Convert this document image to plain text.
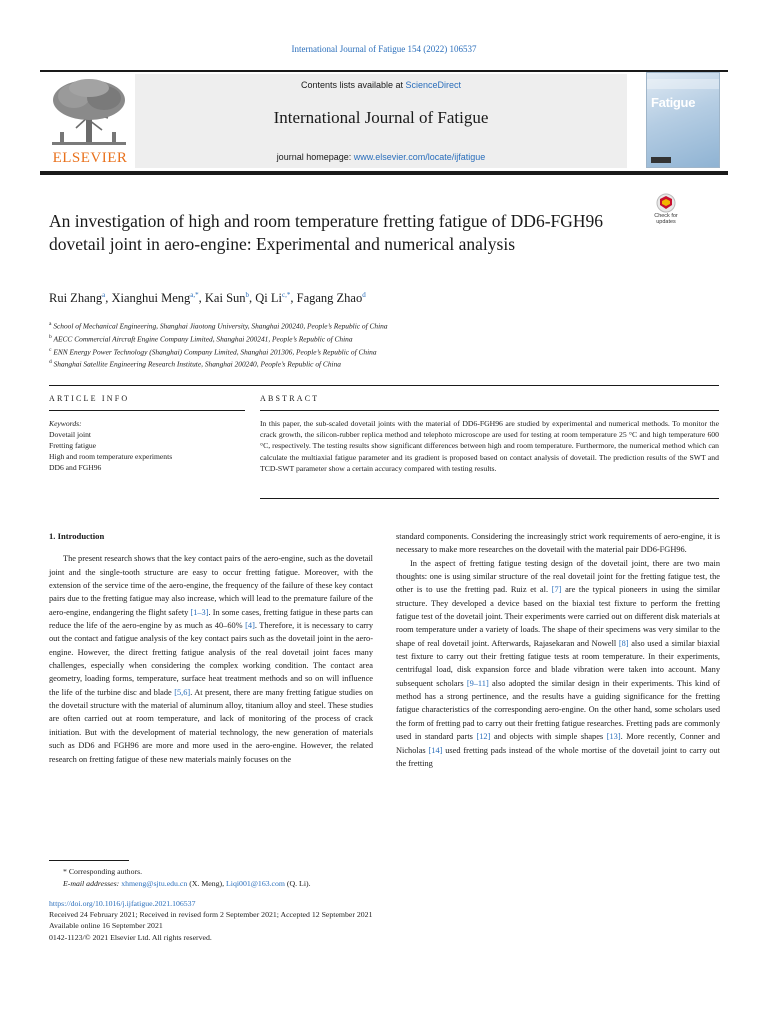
International Journal of Fatigue 154 (2022) 106537
ELSEVIER
Contents lists available at ScienceDirect
International Journal of Fatigue
journal homepage: www.elsevier.com/locate/ijfatigue
Fatigue
An investigation of high and room temperature fretting fatigue of DD6-FGH96 dovetail joint in aero-engine: Experimental and numerical analysis
Check for updates
Rui Zhang$^a$, Xianghui Meng$^{a,*}$, Kai Sun$^b$, Qi $Li^{c,*}$, Fagang Zhao$^d$
$^a$ School of Mechanical Engineering, Shanghai Jiaotong University, Shanghai 200240, People’s Republic of China
$^b$ AECC Commercial Aircraft Engine Company Limited, Shanghai 200241, People’s Republic of China
$^c$ ENN Energy Power Technology (Shanghai) Company Limited, Shanghai 201306, People’s Republic of China
$^d$ Shanghai Satellite Engineering Research Institute, Shanghai 200240, People’s Republic of China
ARTICLE INFO	ABSTRACT
Keywords:
Dovetail joint
Fretting fatigue
High and room temperature experiments
DD6 and FGH96
In this paper, the sub-scaled dovetail joints with the material of DD6-FGH96 are studied by experimental and numerical methods. To monitor the crack growth, the silicon-rubber replica method and telephoto microscope are used for testing at room temperature 25 °C and high temperature 600 °C, respectively. The testing results show significant differences between high and room temperature. Furthermore, the numerical method which can calculate the multiaxial fatigue parameter and its gradient is proposed based on contact analysis of dovetail. The prediction results of the SWT and TCD-SWT parameter show a certain accuracy compared with testing results.
1. Introduction

The present research shows that the key contact pairs of the aero-engine, such as the dovetail joint and the single-tooth structure are easy to occur fretting fatigue. Moreover, with the extension of the service time of the aero-engine, the frequency of the failure of these key contact pairs due to the fretting fatigue may also increase, which will lead to the premature failure of the aero-engine, endangering the flight safety [1–3]. In some cases, fretting fatigue in these parts can reduce the life of the aero-engine by as much as 40–60% [4]. Therefore, it is necessary to carry out the contact and fatigue analysis of the key contact pairs such as the dovetail joint in the aero-engine. However, the direct fretting fatigue analysis of the real dovetail joint faces many challenges, especially when considering the complex working condition. The contact area geometry, loading forms, temperature, surface heat treatment methods and so on will influence the life of the turbine disc and blade [5,6]. At present, there are many fretting fatigue studies on the dovetail structure with the material of aluminum alloy, titanium alloy and steel. These studies are often carried out at room temperature, and lack of monitoring of the process of crack initiation. But with the development of material technology, the new generation of materials such as DD6 and FGH96 are more and more used in the aero-engine. However, the related research on fretting fatigue of these new materials mainly focuses on the

standard components. Considering the increasingly strict work requirements of aero-engine, it is necessary to make more researches on the dovetail with the material pair DD6-FGH96.

In the aspect of fretting fatigue testing design of the dovetail joint, there are two main thoughts: one is using similar structure of the real dovetail joint for the fretting fatigue test, the other is to use the fretting pad. Ruiz et al. [7] are the typical pioneers in using the similar structure. They developed a device based on the biaxial test fixture to perform the fretting fatigue test of the dovetail joint. Their experiments were carried out on different disk materials at room temperature under a variety of loads. The shape of their specimens was very similar to the shape of real dovetail joint. Afterwards, Rajasekaran and Nowell [8] also used a similar biaxial test fixture to carry out their fretting fatigue tests at room temperature. In their experiments, centrifugal load, disk expansion force and blade vibration were taken into account. Many subsequent scholars [9–11] also adopted the similar design in their experiments. This kind of method has a strong pertinence, and the results have a guiding significance for the fretting fatigue characteristics of the corresponding aero-engine. On the other hand, some scholars used the form of fretting pad to carry out their fretting fatigue researches. Fretting pads are commonly used in standard parts [12] and objects with simple shapes [13]. More recently, Conner and Nicholas [14] used fretting pads instead of the whole mortise of the dovetail joint to carry out the fretting

* Corresponding authors.
E-mail addresses: xhmeng@sjtu.edu.cn (X. Meng), Liqi001@163.com (Q. Li).
https://doi.org/10.1016/j.ijfatigue.2021.106537
Received 24 February 2021; Received in revised form 2 September 2021; Accepted 12 September 2021
Available online 16 September 2021
0142-1123/© 2021 Elsevier Ltd. All rights reserved.
